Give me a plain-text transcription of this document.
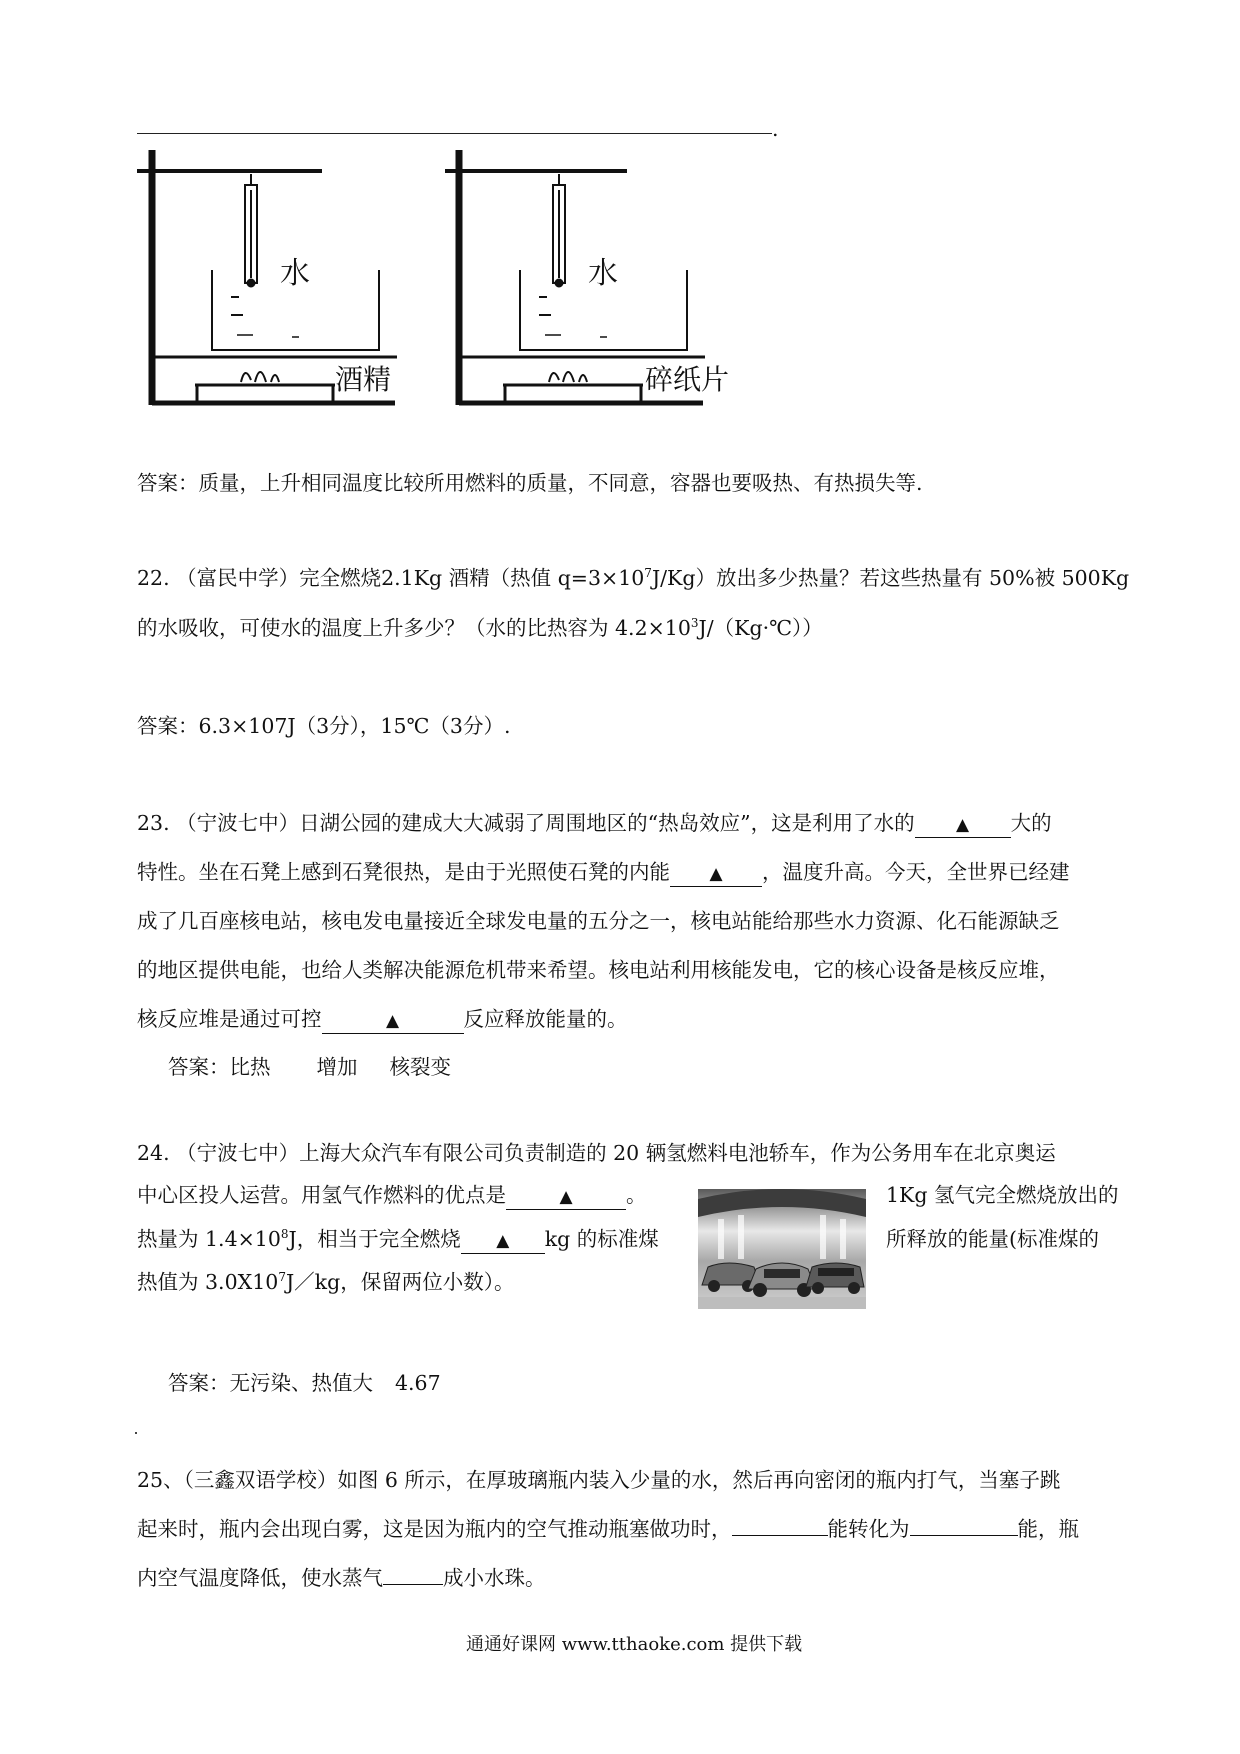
.
水
酒精
水
碎纸片
答案：质量，上升相同温度比较所用燃料的质量，不同意，容器也要吸热、有热损失等.
22. （富民中学）完全燃烧2.1Kg 酒精（热值 $q=3\times 10^7J/Kg$）放出多少热量？若这些热量有 50%被 500Kg
的水吸收，可使水的温度上升多少？（水的比热容为 $4.2\times 10^3J/(Kg\cdot℃)$）
答案：6.3×107J（3分），15℃（3分）.
23. （宁波七中）日湖公园的建成大大减弱了周围地区的“热岛效应”，这是利用了水的 ▲ 大的
特性。坐在石凳上感到石凳很热，是由于光照使石凳的内能 ▲ ，温度升高。今天，全世界已经建
成了几百座核电站，核电发电量接近全球发电量的五分之一，核电站能给那些水力资源、化石能源缺乏
的地区提供电能，也给人类解决能源危机带来希望。核电站利用核能发电，它的核心设备是核反应堆，
核反应堆是通过可控	▲	反应释放能量的。
答案：比热 增加 核裂变
24. （宁波七中）上海大众汽车有限公司负责制造的 20 辆氢燃料电池轿车，作为公务用车在北京奥运
中心区投人运营。用氢气作燃料的优点是	▲	。	1Kg 氢气完全燃烧放出的
热量为 $1.4\times 10^8J$，相当于完全燃烧 ▲ kg 的标准煤	所释放的能量(标准煤的
热值为 $3.0X10^7J/kg$，保留两位小数）。
答案：无污染、热值大 4.67
25、（三鑫双语学校）如图 6 所示，在厚玻璃瓶内装入少量的水，然后再向密闭的瓶内打气，当塞子跳
起来时，瓶内会出现白雾，这是因为瓶内的空气推动瓶塞做功时，	能转化为	能，瓶
内空气温度降低，使水蒸气	成小水珠。
通通好课网 www.tthaoke.com 提供下载
